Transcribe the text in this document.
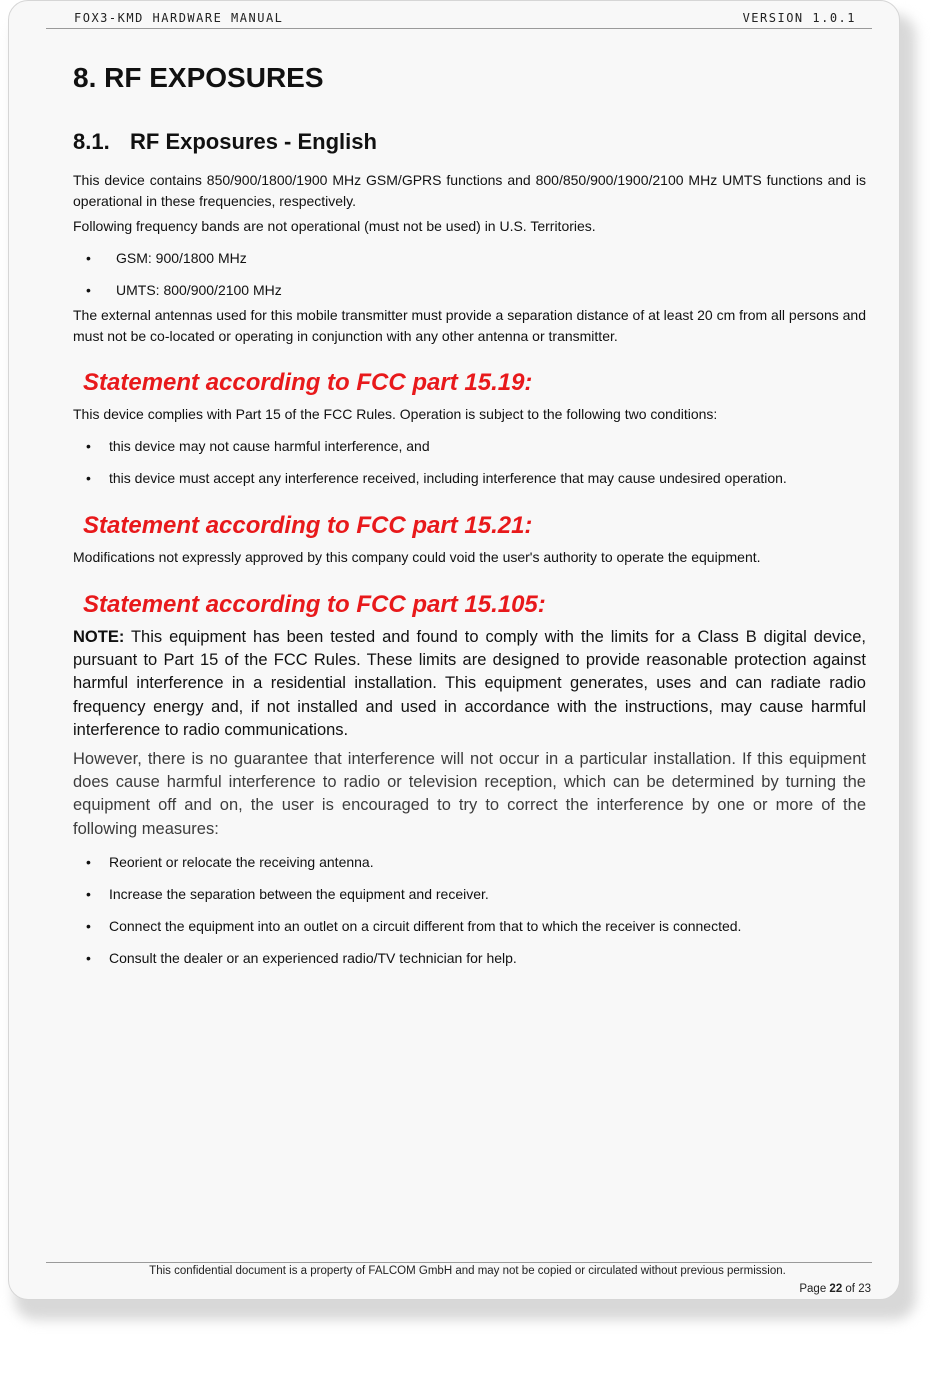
FOX3-KMD HARDWARE MANUAL	VERSION 1.0.1
8. RF EXPOSURES
8.1. RF Exposures - English

This device contains 850/900/1800/1900 MHz GSM/GPRS functions and 800/850/900/1900/2100 MHz UMTS functions and is operational in these frequencies, respectively.

Following frequency bands are not operational (must not be used) in U.S. Territories.

•	GSM: 900/1800 MHz
•	UMTS: 800/900/2100 MHz

The external antennas used for this mobile transmitter must provide a separation distance of at least 20 cm from all persons and must not be co-located or operating in conjunction with any other antenna or transmitter.

Statement according to FCC part 15.19:

This device complies with Part 15 of the FCC Rules. Operation is subject to the following two conditions:

•	this device may not cause harmful interference, and
•	this device must accept any interference received, including interference that may cause undesired operation.
Statement according to FCC part 15.21:

Modifications not expressly approved by this company could void the user's authority to operate the equipment.

Statement according to FCC part 15.105:

NOTE: This equipment has been tested and found to comply with the limits for a Class B digital device, pursuant to Part 15 of the FCC Rules. These limits are designed to provide reasonable protection against harmful interference in a residential installation. This equipment generates, uses and can radiate radio frequency energy and, if not installed and used in accordance with the instructions, may cause harmful interference to radio communications.

However, there is no guarantee that interference will not occur in a particular installation. If this equipment does cause harmful interference to radio or television reception, which can be determined by turning the equipment off and on, the user is encouraged to try to correct the interference by one or more of the following measures:

•	Reorient or relocate the receiving antenna.
•	Increase the separation between the equipment and receiver.
•	Connect the equipment into an outlet on a circuit different from that to which the receiver is connected.
•	Consult the dealer or an experienced radio/TV technician for help.
This confidential document is a property of FALCOM GmbH and may not be copied or circulated without previous permission.
Page 22 of 23
